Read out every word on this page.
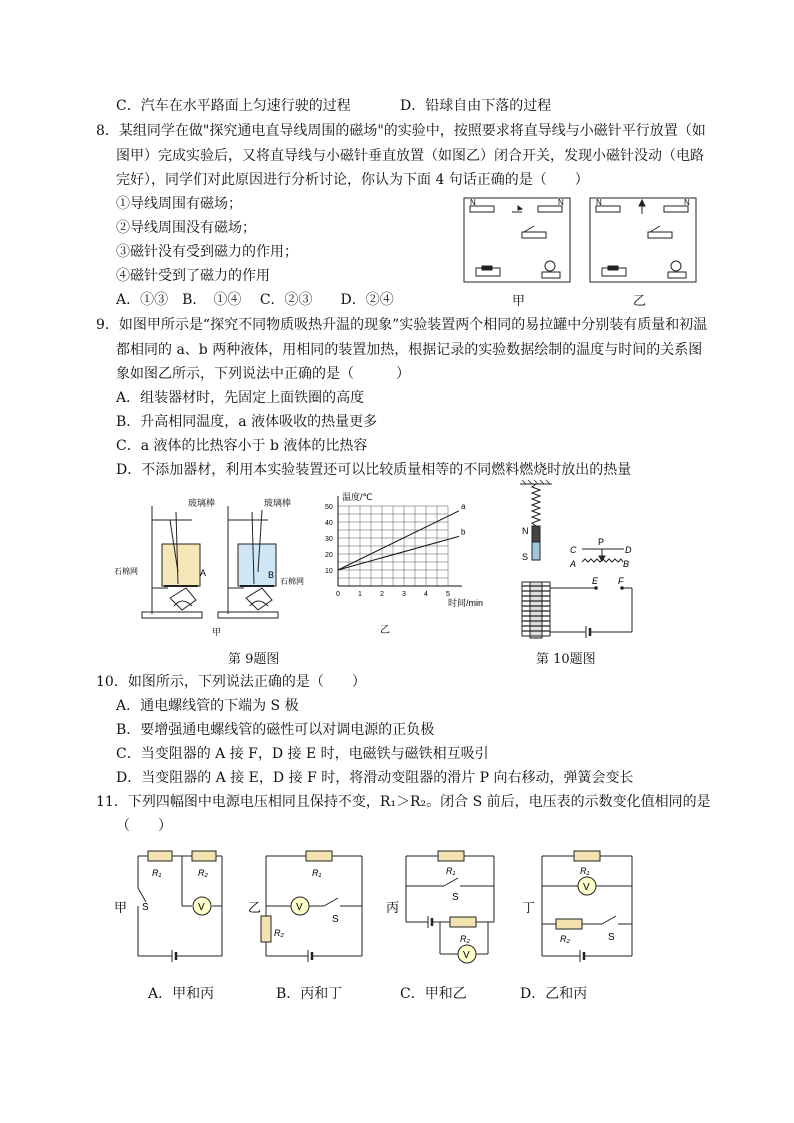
C．汽车在水平路面上匀速行驶的过程	D．铅球自由下落的过程
8．某组同学在做"探究通电直导线周围的磁场"的实验中，按照要求将直导线与小磁针平行放置（如
图甲）完成实验后，又将直导线与小磁针垂直放置（如图乙）闭合开关，发现小磁针没动（电路
完好），同学们对此原因进行分析讨论，你认为下面 4 句话正确的是（　　）
①导线周围有磁场；
②导线周围没有磁场；
③磁针没有受到磁力的作用；
④磁针受到了磁力的作用
A．①③　B．　①④　 C．②③　　D．②④
N	N
甲
N	N
乙
9．如图甲所示是“探究不同物质吸热升温的现象”实验装置两个相同的易拉罐中分别装有质量和初温
都相同的 a、b 两种液体，用相同的装置加热，根据记录的实验数据绘制的温度与时间的关系图
象如图乙所示，下列说法中正确的是（　　　）
A．组装器材时，先固定上面铁圈的高度
B．升高相同温度，a 液体吸收的热量更多
C．a 液体的比热容小于 b 液体的比热容
D．不添加器材，利用本实验装置还可以比较质量相等的不同燃料燃烧时放出的热量
玻璃棒	玻璃棒
石棉网
石棉网
A	B
甲
温度/℃
时间/min
乙
0	1	2	3	4	5
10
20
30
40
50	a
b
第 9题图
N
S
C
P
D
A	B
E F
第 10题图
10．如图所示，下列说法正确的是（　　）
A．通电螺线管的下端为 S 极
B．要增强通电螺线管的磁性可以对调电源的正负极
C．当变阻器的 A 接 F，D 接 E 时，电磁铁与磁铁相互吸引
D．当变阻器的 A 接 E，D 接 F 时，将滑动变阻器的滑片 P 向右移动，弹簧会变长
11．下列四幅图中电源电压相同且保持不变，R₁＞R₂。闭合 S 前后，电压表的示数变化值相同的是
（　　）
V
R₁	R₂
S
甲	V
R₁
R₂
S
乙
V
R₁
R₂
S
丙
V
R₁
R₂	S
丁
A．甲和丙	B．丙和丁	C．甲和乙	D．乙和丙
